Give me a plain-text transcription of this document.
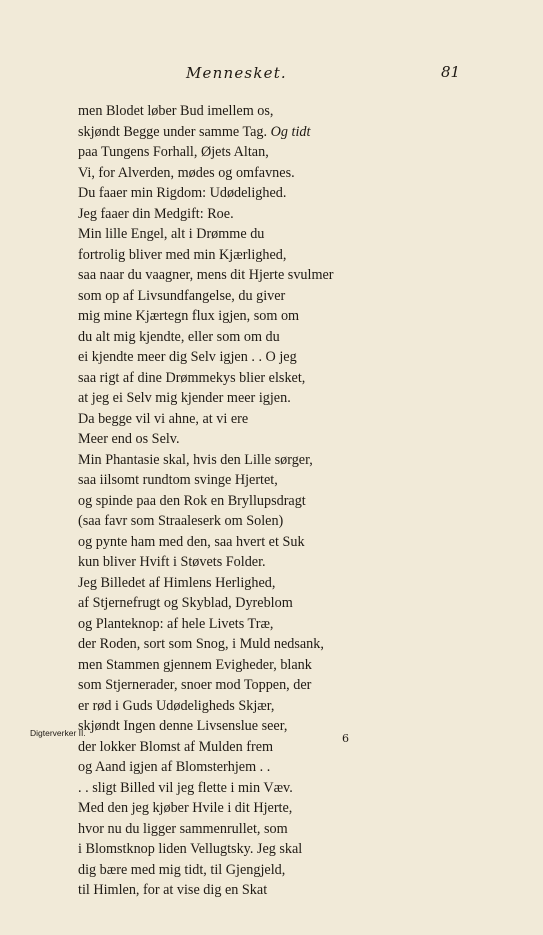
Mennesket.	81
men Blodet løber Bud imellem os,
skjøndt Begge under samme Tag. Og tidt
paa Tungens Forhall, Øjets Altan,
Vi, for Alverden, mødes og omfavnes.
Du faaer min Rigdom: Udødelighed.
Jeg faaer din Medgift: Roe.
Min lille Engel, alt i Drømme du
fortrolig bliver med min Kjærlighed,
saa naar du vaagner, mens dit Hjerte svulmer
som op af Livsundfangelse, du giver
mig mine Kjærtegn flux igjen, som om
du alt mig kjendte, eller som om du
ei kjendte meer dig Selv igjen . . O jeg
saa rigt af dine Drømmekys blier elsket,
at jeg ei Selv mig kjender meer igjen.
Da begge vil vi ahne, at vi ere
Meer end os Selv.
Min Phantasie skal, hvis den Lille sørger,
saa iilsomt rundtom svinge Hjertet,
og spinde paa den Rok en Bryllupsdragt
(saa favr som Straaleserk om Solen)
og pynte ham med den, saa hvert et Suk
kun bliver Hvift i Støvets Folder.
Jeg Billedet af Himlens Herlighed,
af Stjernefrugt og Skyblad, Dyreblom
og Planteknop: af hele Livets Træ,
der Roden, sort som Snog, i Muld nedsank,
men Stammen gjennem Evigheder, blank
som Stjernerader, snoer mod Toppen, der
er rød i Guds Udødeligheds Skjær,
skjøndt Ingen denne Livsenslue seer,
der lokker Blomst af Mulden frem
og Aand igjen af Blomsterhjem . .
. . sligt Billed vil jeg flette i min Væv.
Med den jeg kjøber Hvile i dit Hjerte,
hvor nu du ligger sammenrullet, som
i Blomstknop liden Vellugtsky. Jeg skal
dig bære med mig tidt, til Gjengjeld,
til Himlen, for at vise dig en Skat
Digterverker II.	6
